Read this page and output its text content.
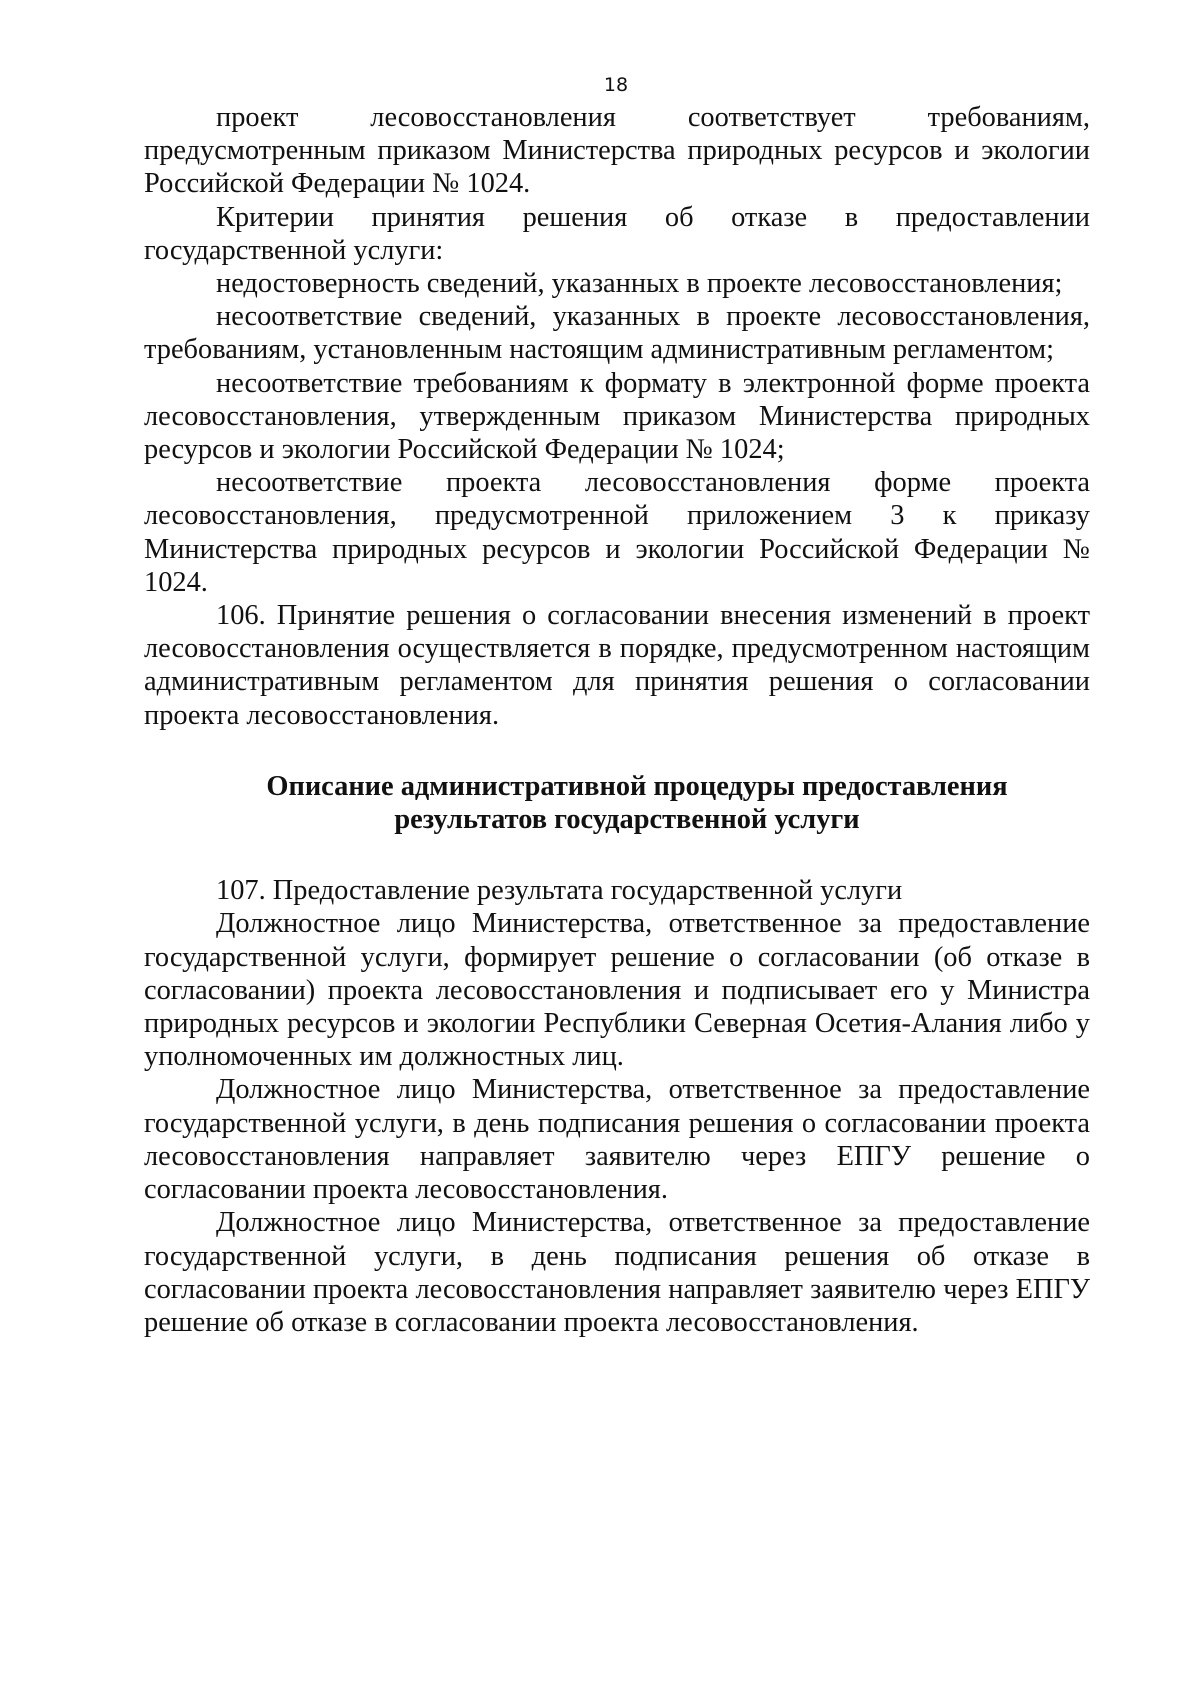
18

проект лесовосстановления соответствует требованиям, предусмотренным приказом Министерства природных ресурсов и экологии Российской Федерации № 1024.

Критерии принятия решения об отказе в предоставлении государственной услуги:

недостоверность сведений, указанных в проекте лесовосстановления;

несоответствие сведений, указанных в проекте лесовосстановления, требованиям, установленным настоящим административным регламентом;

несоответствие требованиям к формату в электронной форме проекта лесовосстановления, утвержденным приказом Министерства природных ресурсов и экологии Российской Федерации № 1024;

несоответствие проекта лесовосстановления форме проекта лесовосстановления, предусмотренной приложением 3 к приказу Министерства природных ресурсов и экологии Российской Федерации № 1024.

106. Принятие решения о согласовании внесения изменений в проект лесовосстановления осуществляется в порядке, предусмотренном настоящим административным регламентом для принятия решения о согласовании проекта лесовосстановления.

Описание административной процедуры предоставления
результатов государственной услуги

107. Предоставление результата государственной услуги

Должностное лицо Министерства, ответственное за предоставление государственной услуги, формирует решение о согласовании (об отказе в согласовании) проекта лесовосстановления и подписывает его у Министра природных ресурсов и экологии Республики Северная Осетия-Алания либо у уполномоченных им должностных лиц.

Должностное лицо Министерства, ответственное за предоставление государственной услуги, в день подписания решения о согласовании проекта лесовосстановления направляет заявителю через ЕПГУ решение о согласовании проекта лесовосстановления.

Должностное лицо Министерства, ответственное за предоставление государственной услуги, в день подписания решения об отказе в согласовании проекта лесовосстановления направляет заявителю через ЕПГУ решение об отказе в согласовании проекта лесовосстановления.
